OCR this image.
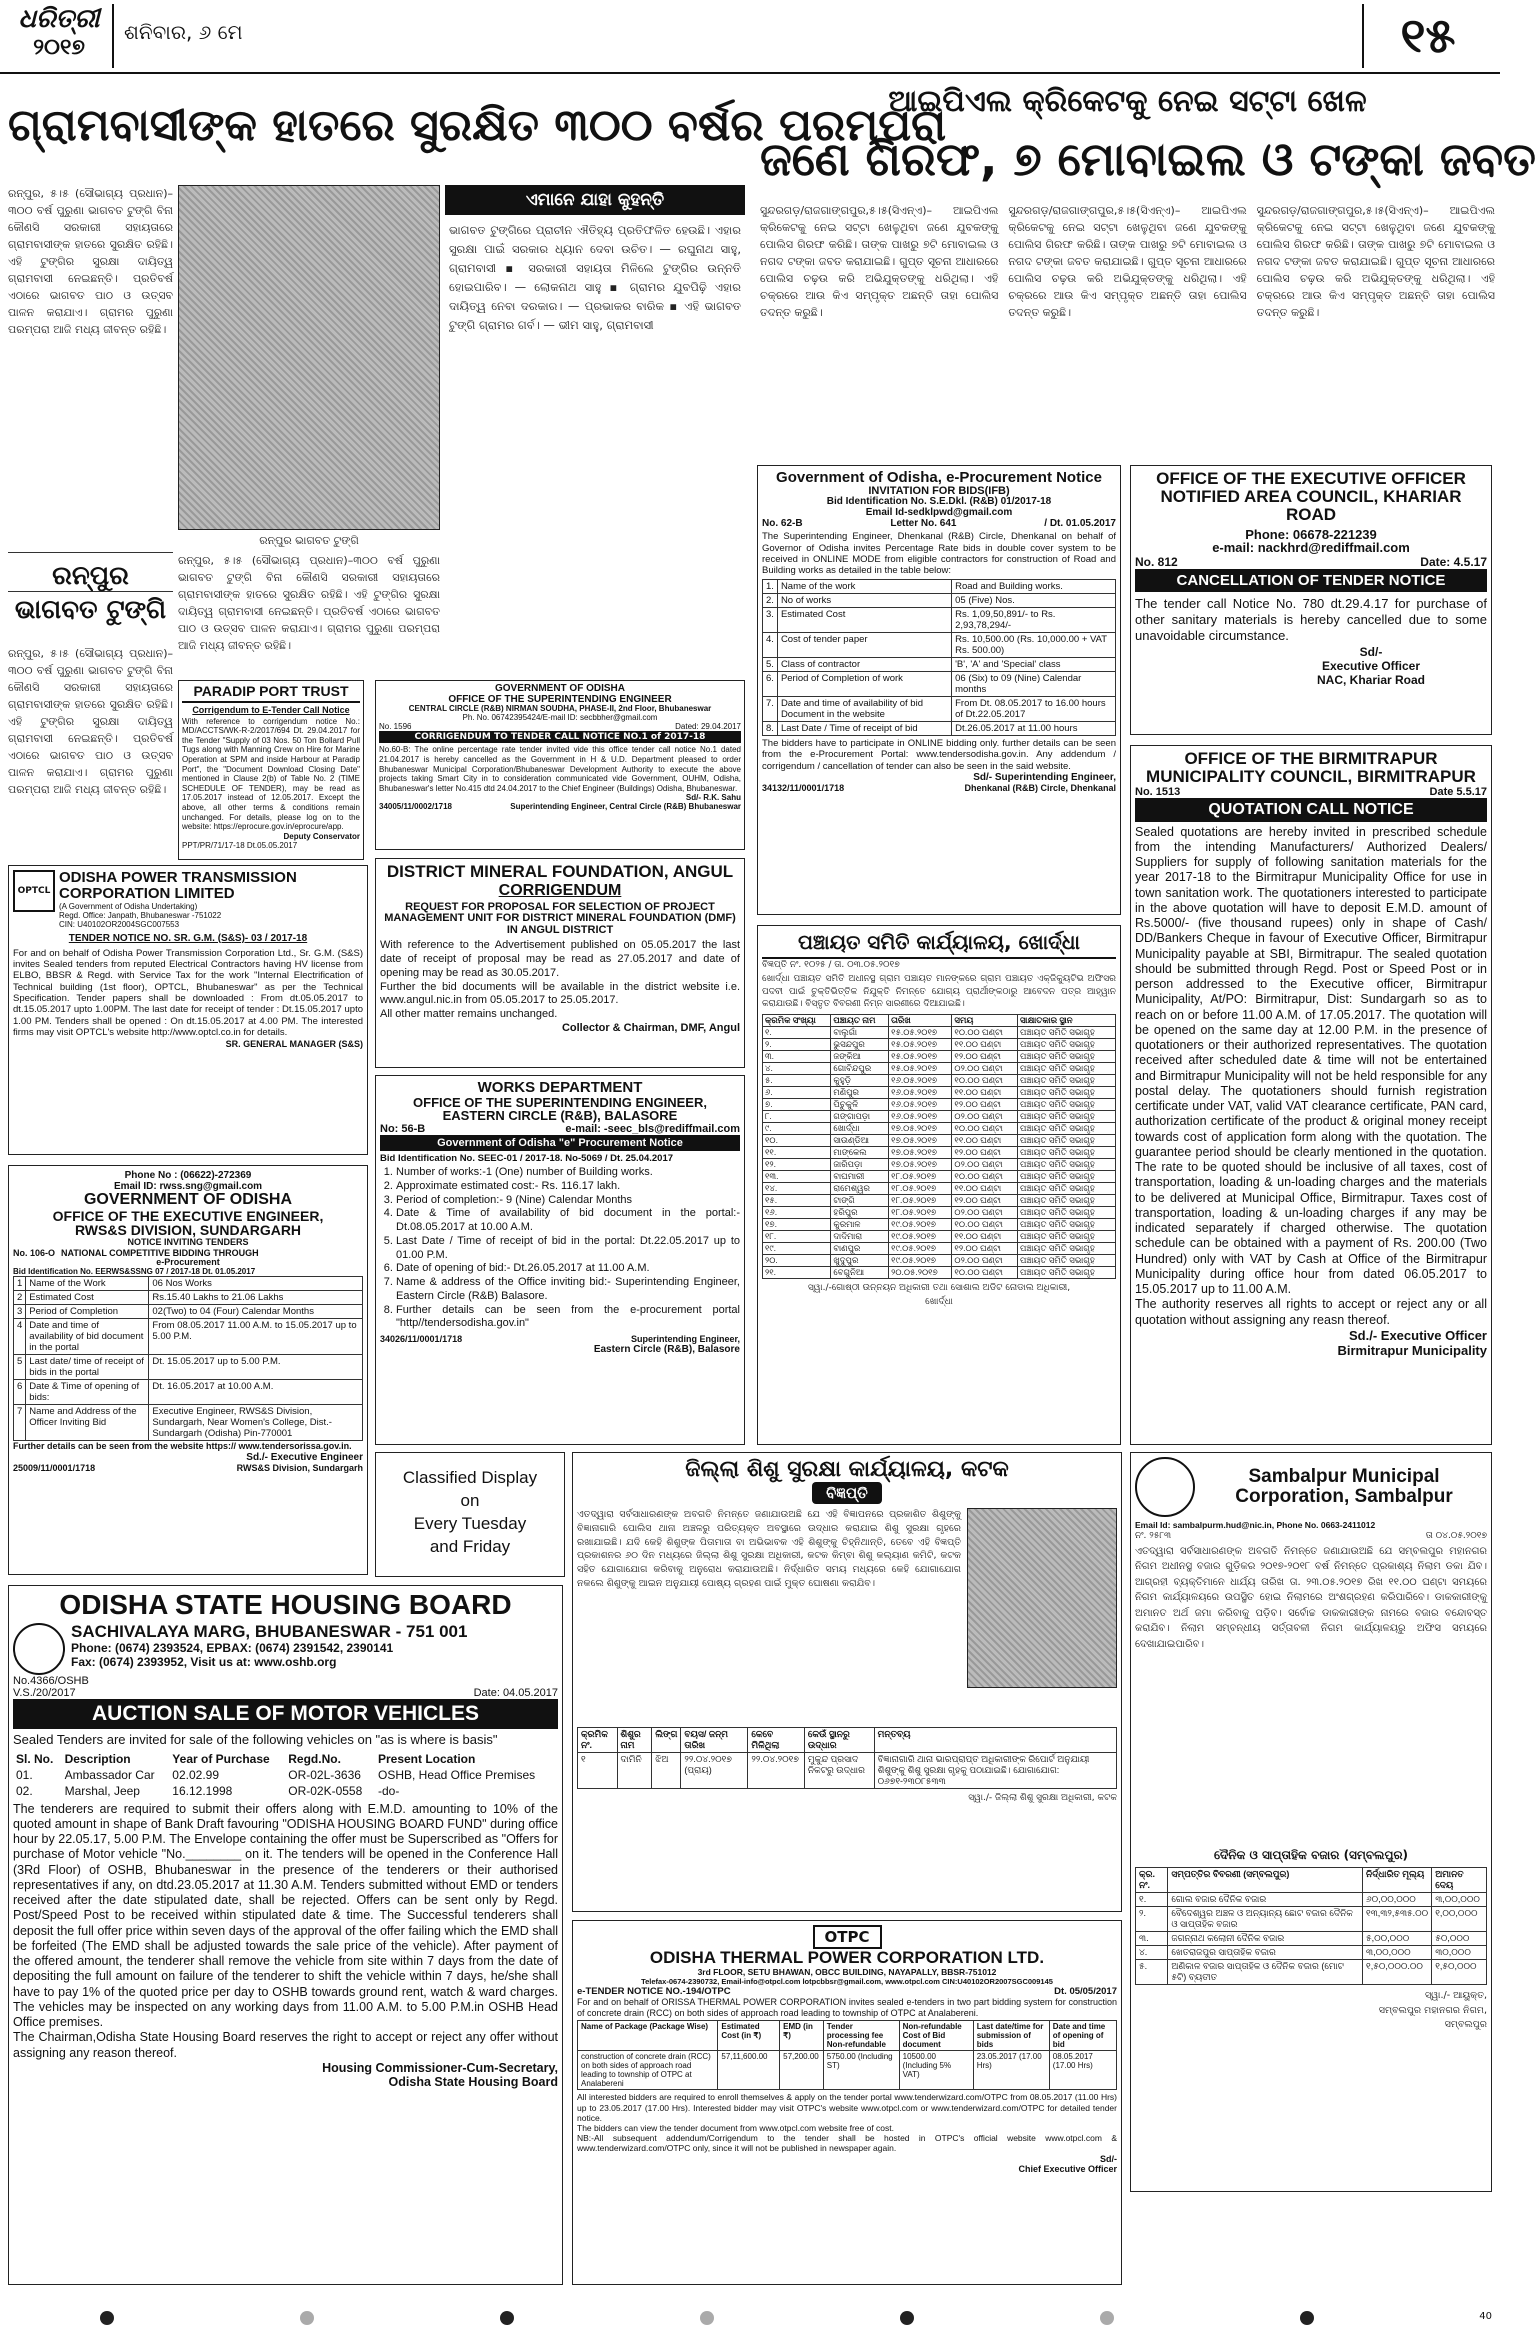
ଧରିତ୍ରୀ
୨୦୧୭
ଶନିବାର, ୬ ମେ	୧୫
ଗ୍ରାମବାସୀଙ୍କ ହାତରେ ସୁରକ୍ଷିତ ୩୦୦ ବର୍ଷର ପରମ୍ପରା
ରନ୍‌ପୁର, ୫।୫ (ସୌଭାଗ୍ୟ ପ୍ରଧାନ)–୩୦୦ ବର୍ଷ ପୁରୁଣା ଭାଗବତ ଟୁଙ୍ଗି ବିନା କୌଣସି ସରକାରୀ ସହାୟତାରେ ଗ୍ରାମବାସୀଙ୍କ ହାତରେ ସୁରକ୍ଷିତ ରହିଛି। ଏହି ଟୁଙ୍ଗିର ସୁରକ୍ଷା ଦାୟିତ୍ୱ ଗ୍ରାମବାସୀ ନେଇଛନ୍ତି। ପ୍ରତିବର୍ଷ ଏଠାରେ ଭାଗବତ ପାଠ ଓ ଉତ୍ସବ ପାଳନ କରାଯାଏ। ଗ୍ରାମର ପୁରୁଣା ପରମ୍ପରା ଆଜି ମଧ୍ୟ ଜୀବନ୍ତ ରହିଛି।
ରନ୍‌ପୁର ଭାଗବତ ଟୁଙ୍ଗି
ଏମାନେ ଯାହା କୁହନ୍ତି
ଭାଗବତ ଟୁଙ୍ଗିରେ ପ୍ରାଚୀନ ଐତିହ୍ୟ ପ୍ରତିଫଳିତ ହେଉଛି। ଏହାର ସୁରକ୍ଷା ପାଇଁ ସରକାର ଧ୍ୟାନ ଦେବା ଉଚିତ। — ରଘୁନାଥ ସାହୁ, ଗ୍ରାମବାସୀ ▪ ସରକାରୀ ସହାୟତା ମିଳିଲେ ଟୁଙ୍ଗିର ଉନ୍ନତି ହୋଇପାରିବ। — ଲୋକନାଥ ସାହୁ ▪ ଗ୍ରାମର ଯୁବପିଢ଼ି ଏହାର ଦାୟିତ୍ୱ ନେବା ଦରକାର। — ପ୍ରଭାକର ବାରିକ ▪ ଏହି ଭାଗବତ ଟୁଙ୍ଗି ଗ୍ରାମର ଗର୍ବ। — ଭୀମ ସାହୁ, ଗ୍ରାମବାସୀ
ରନ୍‌ପୁର, ୫।୫ (ସୌଭାଗ୍ୟ ପ୍ରଧାନ)–୩୦୦ ବର୍ଷ ପୁରୁଣା ଭାଗବତ ଟୁଙ୍ଗି ବିନା କୌଣସି ସରକାରୀ ସହାୟତାରେ ଗ୍ରାମବାସୀଙ୍କ ହାତରେ ସୁରକ୍ଷିତ ରହିଛି। ଏହି ଟୁଙ୍ଗିର ସୁରକ୍ଷା ଦାୟିତ୍ୱ ଗ୍ରାମବାସୀ ନେଇଛନ୍ତି। ପ୍ରତିବର୍ଷ ଏଠାରେ ଭାଗବତ ପାଠ ଓ ଉତ୍ସବ ପାଳନ କରାଯାଏ। ଗ୍ରାମର ପୁରୁଣା ପରମ୍ପରା ଆଜି ମଧ୍ୟ ଜୀବନ୍ତ ରହିଛି।
ରନ୍‌ପୁର ଭାଗବତ ଟୁଙ୍ଗି
ରନ୍‌ପୁର, ୫।୫ (ସୌଭାଗ୍ୟ ପ୍ରଧାନ)–୩୦୦ ବର୍ଷ ପୁରୁଣା ଭାଗବତ ଟୁଙ୍ଗି ବିନା କୌଣସି ସରକାରୀ ସହାୟତାରେ ଗ୍ରାମବାସୀଙ୍କ ହାତରେ ସୁରକ୍ଷିତ ରହିଛି। ଏହି ଟୁଙ୍ଗିର ସୁରକ୍ଷା ଦାୟିତ୍ୱ ଗ୍ରାମବାସୀ ନେଇଛନ୍ତି। ପ୍ରତିବର୍ଷ ଏଠାରେ ଭାଗବତ ପାଠ ଓ ଉତ୍ସବ ପାଳନ କରାଯାଏ। ଗ୍ରାମର ପୁରୁଣା ପରମ୍ପରା ଆଜି ମଧ୍ୟ ଜୀବନ୍ତ ରହିଛି।
ଆଇପିଏଲ କ୍ରିକେଟକୁ ନେଇ ସଟ୍ଟା ଖେଳ
ଜଣେ ଗିରଫ, ୭ ମୋବାଇଲ ଓ ଟଙ୍କା ଜବତ
ସୁନ୍ଦରଗଡ଼/ରାଜଗାଙ୍ଗପୁର,୫।୫(ସିଏନ୍‌ଏ)– ଆଇପିଏଲ କ୍ରିକେଟକୁ ନେଇ ସଟ୍ଟା ଖେଳୁଥିବା ଜଣେ ଯୁବକଙ୍କୁ ପୋଲିସ ଗିରଫ କରିଛି। ତାଙ୍କ ପାଖରୁ ୭ଟି ମୋବାଇଲ ଓ ନଗଦ ଟଙ୍କା ଜବତ କରାଯାଇଛି। ଗୁପ୍ତ ସୂଚନା ଆଧାରରେ ପୋଲିସ ଚଢ଼ଉ କରି ଅଭିଯୁକ୍ତଙ୍କୁ ଧରିଥିଲା। ଏହି ଚକ୍ରରେ ଆଉ କିଏ ସମ୍ପୃକ୍ତ ଅଛନ୍ତି ତାହା ପୋଲିସ ତଦନ୍ତ କରୁଛି।
ସୁନ୍ଦରଗଡ଼/ରାଜଗାଙ୍ଗପୁର,୫।୫(ସିଏନ୍‌ଏ)– ଆଇପିଏଲ କ୍ରିକେଟକୁ ନେଇ ସଟ୍ଟା ଖେଳୁଥିବା ଜଣେ ଯୁବକଙ୍କୁ ପୋଲିସ ଗିରଫ କରିଛି। ତାଙ୍କ ପାଖରୁ ୭ଟି ମୋବାଇଲ ଓ ନଗଦ ଟଙ୍କା ଜବତ କରାଯାଇଛି। ଗୁପ୍ତ ସୂଚନା ଆଧାରରେ ପୋଲିସ ଚଢ଼ଉ କରି ଅଭିଯୁକ୍ତଙ୍କୁ ଧରିଥିଲା। ଏହି ଚକ୍ରରେ ଆଉ କିଏ ସମ୍ପୃକ୍ତ ଅଛନ୍ତି ତାହା ପୋଲିସ ତଦନ୍ତ କରୁଛି।
ସୁନ୍ଦରଗଡ଼/ରାଜଗାଙ୍ଗପୁର,୫।୫(ସିଏନ୍‌ଏ)– ଆଇପିଏଲ କ୍ରିକେଟକୁ ନେଇ ସଟ୍ଟା ଖେଳୁଥିବା ଜଣେ ଯୁବକଙ୍କୁ ପୋଲିସ ଗିରଫ କରିଛି। ତାଙ୍କ ପାଖରୁ ୭ଟି ମୋବାଇଲ ଓ ନଗଦ ଟଙ୍କା ଜବତ କରାଯାଇଛି। ଗୁପ୍ତ ସୂଚନା ଆଧାରରେ ପୋଲିସ ଚଢ଼ଉ କରି ଅଭିଯୁକ୍ତଙ୍କୁ ଧରିଥିଲା। ଏହି ଚକ୍ରରେ ଆଉ କିଏ ସମ୍ପୃକ୍ତ ଅଛନ୍ତି ତାହା ପୋଲିସ ତଦନ୍ତ କରୁଛି।
PARADIP PORT TRUST
Corrigendum to E-Tender Call Notice
With reference to corrigendum notice No.: MD/ACCTS/WK-R-2/2017/694 Dt. 29.04.2017 for the Tender "Supply of 03 Nos. 50 Ton Bollard Pull Tugs along with Manning Crew on Hire for Marine Operation at SPM and inside Harbour at Paradip Port", the "Document Download Closing Date" mentioned in Clause 2(b) of Table No. 2 (TIME SCHEDULE OF TENDER), may be read as 17.05.2017 instead of 12.05.2017. Except the above, all other terms & conditions remain unchanged. For details, please log on to the website: https://eprocure.gov.in/eprocure/app.
Deputy Conservator
PPT/PR/71/17-18 Dt.05.05.2017
GOVERNMENT OF ODISHA
OFFICE OF THE SUPERINTENDING ENGINEER
CENTRAL CIRCLE (R&B) NIRMAN SOUDHA, PHASE-II, 2nd Floor, Bhubaneswar
Ph. No. 06742395424/E-mail ID: secbbher@gmail.com
No. 1596	Dated: 29.04.2017
CORRIGENDUM TO TENDER CALL NOTICE NO.1 of 2017-18
No.60-B: The online percentage rate tender invited vide this office tender call notice No.1 dated 21.04.2017 is hereby cancelled as the Government in H & U.D. Department pleased to order Bhubaneswar Municipal Corporation/Bhubaneswar Development Authority to execute the above projects taking Smart City in to consideration communicated vide Government, OUHM, Odisha, Bhubaneswar's letter No.415 dtd 24.04.2017 to the Chief Engineer (Buildings) Odisha, Bhubaneswar.
Sd/- R.K. Sahu
34005/11/0002/1718	Superintending Engineer, Central Circle (R&B) Bhubaneswar
DISTRICT MINERAL FOUNDATION, ANGUL
CORRIGENDUM
REQUEST FOR PROPOSAL FOR SELECTION OF PROJECT MANAGEMENT UNIT FOR DISTRICT MINERAL FOUNDATION (DMF) IN ANGUL DISTRICT
With reference to the Advertisement published on 05.05.2017 the last date of receipt of proposal may be read as 27.05.2017 and date of opening may be read as 30.05.2017.
Further the bid documents will be available in the district website i.e. www.angul.nic.in from 05.05.2017 to 25.05.2017.
All other matter remains unchanged.
Collector & Chairman, DMF, Angul
OPTCL
ODISHA POWER TRANSMISSION
CORPORATION LIMITED
(A Government of Odisha Undertaking)
Regd. Office: Janpath, Bhubaneswar -751022
CIN: U40102OR2004SGC007553
TENDER NOTICE NO. SR. G.M. (S&S)- 03 / 2017-18
For and on behalf of Odisha Power Transmission Corporation Ltd., Sr. G.M. (S&S) invites Sealed tenders from reputed Electrical Contractors having HV license from ELBO, BBSR & Regd. with Service Tax for the work "Internal Electrification of Technical building (1st floor), OPTCL, Bhubaneswar" as per the Technical Specification. Tender papers shall be downloaded : From dt.05.05.2017 to dt.15.05.2017 upto 1.00PM. The last date for receipt of tender : Dt.15.05.2017 upto 1.00 PM. Tenders shall be opened : On dt.15.05.2017 at 4.00 PM. The interested firms may visit OPTCL's website http://www.optcl.co.in for details.
SR. GENERAL MANAGER (S&S)
Government of Odisha, e-Procurement Notice
INVITATION FOR BIDS(IFB)
Bid Identification No. S.E.Dkl. (R&B) 01/2017-18
Email Id-sedklpwd@gmail.com
No. 62-B	Letter No. 641	/ Dt. 01.05.2017
The Superintending Engineer, Dhenkanal (R&B) Circle, Dhenkanal on behalf of Governor of Odisha invites Percentage Rate bids in double cover system to be received in ONLINE MODE from eligible contractors for construction of Road and Building works as detailed in the table below:
1.	Name of the work	Road and Building works.
2.	No of works	05 (Five) Nos.
3.	Estimated Cost	Rs. 1,09,50,891/- to Rs. 2,93,78,294/-
4.	Cost of tender paper	Rs. 10,500.00 (Rs. 10,000.00 + VAT Rs. 500.00)
5.	Class of contractor	'B', 'A' and 'Special' class
6.	Period of Completion of work	06 (Six) to 09 (Nine) Calendar months
7.	Date and time of availability of bid Document in the website	From Dt. 08.05.2017 to 16.00 hours of Dt.22.05.2017
8.	Last Date / Time of receipt of bid	Dt.26.05.2017 at 11.00 hours
The bidders have to participate in ONLINE bidding only. further details can be seen from the e-Procurement Portal: www.tendersodisha.gov.in. Any addendum / corrigendum / cancellation of tender can also be seen in the said website.
Sd/- Superintending Engineer,
34132/11/0001/1718	Dhenkanal (R&B) Circle, Dhenkanal
OFFICE OF THE EXECUTIVE OFFICER
NOTIFIED AREA COUNCIL, KHARIAR ROAD
Phone: 06678-221239
e-mail: nackhrd@rediffmail.com
No. 812	Date: 4.5.17
CANCELLATION OF TENDER NOTICE
The tender call Notice No. 780 dt.29.4.17 for purchase of other sanitary materials is hereby cancelled due to some unavoidable circumstance.
Sd/-
Executive Officer
NAC, Khariar Road
ପଞ୍ଚାୟତ ସମିତି କାର୍ଯ୍ୟାଳୟ, ଖୋର୍ଦ୍ଧା
ବିଜ୍ଞପ୍ତି ନଂ. ୧୦୨୫ / ତା. ୦୩.୦୫.୨୦୧୭
ଖୋର୍ଦ୍ଧା ପଞ୍ଚାୟତ ସମିତି ଅଧୀନସ୍ଥ ଗ୍ରାମ ପଞ୍ଚାୟତ ମାନଙ୍କରେ ଗ୍ରାମ ପଞ୍ଚାୟତ ଏକ୍‌ଜିକ୍ୟୁଟିଭ ଅଫିସର ପଦବୀ ପାଇଁ ଚୁକ୍ତିଭିତ୍ତିକ ନିଯୁକ୍ତି ନିମନ୍ତେ ଯୋଗ୍ୟ ପ୍ରାର୍ଥୀଙ୍କଠାରୁ ଆବେଦନ ପତ୍ର ଆହ୍ୱାନ କରାଯାଉଛି। ବିସ୍ତୃତ ବିବରଣୀ ନିମ୍ନ ସାରଣୀରେ ଦିଆଯାଇଛି।
କ୍ରମିକ ସଂଖ୍ୟା	ପଞ୍ଚାୟତ ନାମ	ତାରିଖ	ସମୟ	ସାକ୍ଷାତକାର ସ୍ଥାନ
୧.	ବାଲୁଗାଁ	୧୫.୦୫.୨୦୧୭	୧୦.୦୦ ଘଣ୍ଟା	ପଞ୍ଚାୟତ ସମିତି ସଭାଗୃହ
୨.	ଭୁସନ୍ଦପୁର	୧୫.୦୫.୨୦୧୭	୧୧.୦୦ ଘଣ୍ଟା	ପଞ୍ଚାୟତ ସମିତି ସଭାଗୃହ
୩.	ଜଙ୍କିଆ	୧୫.୦୫.୨୦୧୭	୧୨.୦୦ ଘଣ୍ଟା	ପଞ୍ଚାୟତ ସମିତି ସଭାଗୃହ
୪.	ଗୋବିନ୍ଦପୁର	୧୫.୦୫.୨୦୧୭	୦୨.୦୦ ଘଣ୍ଟା	ପଞ୍ଚାୟତ ସମିତି ସଭାଗୃହ
୫.	କୁହୁଡ଼ି	୧୬.୦୫.୨୦୧୭	୧୦.୦୦ ଘଣ୍ଟା	ପଞ୍ଚାୟତ ସମିତି ସଭାଗୃହ
୬.	ମଣିପୁର	୧୬.୦୫.୨୦୧୭	୧୧.୦୦ ଘଣ୍ଟା	ପଞ୍ଚାୟତ ସମିତି ସଭାଗୃହ
୭.	ପିଚୁକୁଳି	୧୬.୦୫.୨୦୧୭	୧୨.୦୦ ଘଣ୍ଟା	ପଞ୍ଚାୟତ ସମିତି ସଭାଗୃହ
୮.	ଗଙ୍ଗାପଡ଼ା	୧୬.୦୫.୨୦୧୭	୦୨.୦୦ ଘଣ୍ଟା	ପଞ୍ଚାୟତ ସମିତି ସଭାଗୃହ
୯.	ଖୋର୍ଦ୍ଧା	୧୭.୦୫.୨୦୧୭	୧୦.୦୦ ଘଣ୍ଟା	ପଞ୍ଚାୟତ ସମିତି ସଭାଗୃହ
୧୦.	ସାଉଣ୍ଡିଆ	୧୭.୦୫.୨୦୧୭	୧୧.୦୦ ଘଣ୍ଟା	ପଞ୍ଚାୟତ ସମିତି ସଭାଗୃହ
୧୧.	ମାଙ୍କେଲ	୧୭.୦୫.୨୦୧୭	୧୨.୦୦ ଘଣ୍ଟା	ପଞ୍ଚାୟତ ସମିତି ସଭାଗୃହ
୧୨.	ଜାରିପଡ଼ା	୧୭.୦୫.୨୦୧୭	୦୨.୦୦ ଘଣ୍ଟା	ପଞ୍ଚାୟତ ସମିତି ସଭାଗୃହ
୧୩.	ବାଘମାରୀ	୧୮.୦୫.୨୦୧୭	୧୦.୦୦ ଘଣ୍ଟା	ପଞ୍ଚାୟତ ସମିତି ସଭାଗୃହ
୧୪.	ରାମେଶ୍ୱର	୧୮.୦୫.୨୦୧୭	୧୧.୦୦ ଘଣ୍ଟା	ପଞ୍ଚାୟତ ସମିତି ସଭାଗୃହ
୧୫.	ଟାଙ୍ଗି	୧୮.୦୫.୨୦୧୭	୧୨.୦୦ ଘଣ୍ଟା	ପଞ୍ଚାୟତ ସମିତି ସଭାଗୃହ
୧୬.	ହରିପୁର	୧୮.୦୫.୨୦୧୭	୦୨.୦୦ ଘଣ୍ଟା	ପଞ୍ଚାୟତ ସମିତି ସଭାଗୃହ
୧୭.	କୁରମାଳ	୧୯.୦୫.୨୦୧୭	୧୦.୦୦ ଘଣ୍ଟା	ପଞ୍ଚାୟତ ସମିତି ସଭାଗୃହ
୧୮.	ଦାଦିମାରା	୧୯.୦୫.୨୦୧୭	୧୧.୦୦ ଘଣ୍ଟା	ପଞ୍ଚାୟତ ସମିତି ସଭାଗୃହ
୧୯.	ବାଣପୁର	୧୯.୦୫.୨୦୧୭	୧୨.୦୦ ଘଣ୍ଟା	ପଞ୍ଚାୟତ ସମିତି ସଭାଗୃହ
୨୦.	ଖୁଦୁପୁର	୧୯.୦୫.୨୦୧୭	୦୨.୦୦ ଘଣ୍ଟା	ପଞ୍ଚାୟତ ସମିତି ସଭାଗୃହ
୨୧.	ବେଗୁନିଆ	୨୦.୦୫.୨୦୧୭	୧୦.୦୦ ଘଣ୍ଟା	ପଞ୍ଚାୟତ ସମିତି ସଭାଗୃହ
ସ୍ୱା./-ଗୋଷ୍ଠୀ ଉନ୍ନୟନ ଅଧିକାରୀ ତଥା ସୋଶାଲ ଅଡିଟ ନୋଡାଲ ଅଧିକାରୀ,
ଖୋର୍ଦ୍ଧା
OFFICE OF THE BIRMITRAPUR
MUNICIPALITY COUNCIL, BIRMITRAPUR
No. 1513	Date 5.5.17
QUOTATION CALL NOTICE
Sealed quotations are hereby invited in prescribed schedule from the intending Manufacturers/ Authorized Dealers/ Suppliers for supply of following sanitation materials for the year 2017-18 to the Birmitrapur Municipality Office for use in town sanitation work. The quotationers interested to participate in the above quotation will have to deposit E.M.D. amount of Rs.5000/- (five thousand rupees) only in shape of Cash/ DD/Bankers Cheque in favour of Executive Officer, Birmitrapur Municipality payable at SBI, Birmitrapur. The sealed quotation should be submitted through Regd. Post or Speed Post or in person addressed to the Executive officer, Birmitrapur Municipality, At/PO: Birmitrapur, Dist: Sundargarh so as to reach on or before 11.00 A.M. of 17.05.2017. The quotation will be opened on the same day at 12.00 P.M. in the presence of quotationers or their authorized representatives. The quotation received after scheduled date & time will not be entertained and Birmitrapur Municipality will not be held responsible for any postal delay. The quotationers should furnish registration certificate under VAT, valid VAT clearance certificate, PAN card, authorization certificate of the product & original money receipt towards cost of application form along with the quotation. The guarantee period should be clearly mentioned in the quotation. The rate to be quoted should be inclusive of all taxes, cost of transportation, loading & un-loading charges and the materials to be delivered at Municipal Office, Birmitrapur. Taxes cost of transportation, loading & un-loading charges if any may be indicated separately if charged otherwise. The quotation schedule can be obtained with a payment of Rs. 200.00 (Two Hundred) only with VAT by Cash at Office of the Birmitrapur Municipality during office hour from dated 06.05.2017 to 15.05.2017 up to 11.00 A.M.
The authority reserves all rights to accept or reject any or all quotation without assigning any reasn thereof.
Sd./- Executive Officer
Birmitrapur Municipality
WORKS DEPARTMENT
OFFICE OF THE SUPERINTENDING ENGINEER,
EASTERN CIRCLE (R&B), BALASORE
No: 56-B	e-mail: -seec_bls@rediffmail.com
Government of Odisha "e" Procurement Notice
Bid Identification No. SEEC-01 / 2017-18. No-5069 / Dt. 25.04.2017
1. Number of works:-1 (One) number of Building works.
2. Approximate estimated cost:- Rs. 116.17 lakh.
3. Period of completion:- 9 (Nine) Calendar Months
4. Date & Time of availability of bid document in the portal:- Dt.08.05.2017 at 10.00 A.M.
5. Last Date / Time of receipt of bid in the portal: Dt.22.05.2017 up to 01.00 P.M.
6. Date of opening of bid:- Dt.26.05.2017 at 11.00 A.M.
7. Name & address of the Office inviting bid:- Superintending Engineer, Eastern Circle (R&B) Balasore.
8. Further details can be seen from the e-procurement portal "http//tendersodisha.gov.in"
34026/11/0001/1718	Superintending Engineer,
Eastern Circle (R&B), Balasore
Phone No : (06622)-272369
Email ID: rwss.sng@gmail.com
GOVERNMENT OF ODISHA
OFFICE OF THE EXECUTIVE ENGINEER,
RWS&S DIVISION, SUNDARGARH
NOTICE INVITING TENDERS
No. 106-O NATIONAL COMPETITIVE BIDDING THROUGH
e-Procurement
Bid Identification No. EERWS&SSNG 07 / 2017-18 Dt. 01.05.2017
1	Name of the Work	06 Nos Works
2	Estimated Cost	Rs.15.40 Lakhs to 21.06 Lakhs
3	Period of Completion	02(Two) to 04 (Four) Calendar Months
4	Date and time of availability of bid document in the portal	From 08.05.2017 11.00 A.M. to 15.05.2017 up to 5.00 P.M.
5	Last date/ time of receipt of bids in the portal	Dt. 15.05.2017 up to 5.00 P.M.
6	Date & Time of opening of bids:	Dt. 16.05.2017 at 10.00 A.M.
7	Name and Address of the Officer Inviting Bid	Executive Engineer, RWS&S Division, Sundargarh, Near Women's College, Dist.- Sundargarh (Odisha) Pin-770001
Further details can be seen from the website https:// www.tendersorissa.gov.in.
Sd./- Executive Engineer
25009/11/0001/1718	RWS&S Division, Sundargarh	Classified Display
on
Every Tuesday
and Friday
ଜିଲ୍ଲା ଶିଶୁ ସୁରକ୍ଷା କାର୍ଯ୍ୟାଳୟ, କଟକ
ବିଜ୍ଞପ୍ତି
ଏତଦ୍ୱାରା ସର୍ବସାଧାରଣଙ୍କ ଅବଗତି ନିମନ୍ତେ ଜଣାଯାଉଅଛି ଯେ ଏହି ବିଜ୍ଞାପନରେ ପ୍ରକାଶିତ ଶିଶୁଙ୍କୁ ବିଜ୍ଞାନାଗାରି ପୋଲିସ ଥାନା ଅଞ୍ଚଳରୁ ପରିତ୍ୟକ୍ତ ଅବସ୍ଥାରେ ଉଦ୍ଧାର କରାଯାଇ ଶିଶୁ ସୁରକ୍ଷା ଗୃହରେ ରଖାଯାଇଛି। ଯଦି କେହି ଶିଶୁଙ୍କ ପିତାମାତା ବା ଅଭିଭାବକ ଏହି ଶିଶୁଙ୍କୁ ଚିହ୍ନିଥାନ୍ତି, ତେବେ ଏହି ବିଜ୍ଞପ୍ତି ପ୍ରକାଶନର ୬୦ ଦିନ ମଧ୍ୟରେ ଜିଲ୍ଲା ଶିଶୁ ସୁରକ୍ଷା ଅଧିକାରୀ, କଟକ କିମ୍ବା ଶିଶୁ କଲ୍ୟାଣ କମିଟି, କଟକ ସହିତ ଯୋଗାଯୋଗ କରିବାକୁ ଅନୁରୋଧ କରାଯାଉଅଛି। ନିର୍ଦ୍ଧାରିତ ସମୟ ମଧ୍ୟରେ କେହି ଯୋଗାଯୋଗ ନକଲେ ଶିଶୁଙ୍କୁ ଆଇନ ଅନୁଯାୟୀ ପୋଷ୍ୟ ଗ୍ରହଣ ପାଇଁ ମୁକ୍ତ ଘୋଷଣା କରାଯିବ।
କ୍ରମିକ ନଂ.	ଶିଶୁର ନାମ	ଲିଙ୍ଗ	ବୟସ/ ଜନ୍ମ ତାରିଖ	କେବେ ମିଳିଥିଲା	କେଉଁ ସ୍ଥାନରୁ ଉଦ୍ଧାର	ମନ୍ତବ୍ୟ
୧	ଦାମିନି	ଝିଅ	୨୨.୦୪.୨୦୧୭ (ପ୍ରାୟ)	୨୨.୦୪.୨୦୧୭	ମୁକୁନ୍ଦ ପ୍ରସାଦ ନିକଟରୁ ଉଦ୍ଧାର	ବିଜ୍ଞାନାଗାରି ଥାନା ଭାରପ୍ରାପ୍ତ ଅଧିକାରୀଙ୍କ ରିପୋର୍ଟ ଅନୁଯାୟୀ ଶିଶୁଙ୍କୁ ଶିଶୁ ସୁରକ୍ଷା ଗୃହକୁ ପଠାଯାଇଛି। ଯୋଗାଯୋଗ: ୦୬୭୧-୨୩୦୮୫୩୩
ସ୍ୱା./- ଜିଲ୍ଲା ଶିଶୁ ସୁରକ୍ଷା ଅଧିକାରୀ, କଟକ
Sambalpur Municipal
Corporation, Sambalpur
Email Id: sambalpurm.hud@nic.in, Phone No. 0663-2411012
ନଂ. ୨୫୮୩	ତା ୦୪.୦୫.୨୦୧୭
ଏତଦ୍ୱାରା ସର୍ବସାଧାରଣଙ୍କ ଅବଗତି ନିମନ୍ତେ ଜଣାଯାଉଅଛି ଯେ ସମ୍ବଲପୁର ମହାନଗର ନିଗମ ଅଧୀନସ୍ଥ ବଜାର ଗୁଡ଼ିକର ୨୦୧୭-୨୦୧୮ ବର୍ଷ ନିମନ୍ତେ ପ୍ରକାଶ୍ୟ ନିଲାମ ଡକା ଯିବ। ଆଗ୍ରହୀ ବ୍ୟକ୍ତିମାନେ ଧାର୍ଯ୍ୟ ତାରିଖ ତା. ୨୩.୦୫.୨୦୧୭ ରିଖ ୧୧.୦୦ ଘଣ୍ଟା ସମୟରେ ନିଗମ କାର୍ଯ୍ୟାଳୟରେ ଉପସ୍ଥିତ ହୋଇ ନିଲାମରେ ଅଂଶଗ୍ରହଣ କରିପାରିବେ। ଡାକକାରୀଙ୍କୁ ଅମାନତ ଅର୍ଥ ଜମା କରିବାକୁ ପଡ଼ିବ। ସର୍ବୋଚ୍ଚ ଡାକକାରୀଙ୍କ ନାମରେ ବଜାର ବନ୍ଦୋବସ୍ତ କରାଯିବ। ନିଲାମ ସମ୍ବନ୍ଧୀୟ ସର୍ତ୍ତାବଳୀ ନିଗମ କାର୍ଯ୍ୟାଳୟରୁ ଅଫିସ ସମୟରେ ଦେଖାଯାଇପାରିବ।
ଦୈନିକ ଓ ସାପ୍ତାହିକ ବଜାର (ସମ୍ବଲପୁର)
କ୍ର. ନଂ.	ସମ୍ପତ୍ତିର ବିବରଣୀ (ସମ୍ବଲପୁର)	ନିର୍ଦ୍ଧାରିତ ମୂଲ୍ୟ	ଅମାନତ ଦେୟ
୧.	ଗୋଲ ବଜାର ଦୈନିକ ବଜାର	୬୦,୦୦,୦୦୦	୩,୦୦,୦୦୦
୨.	ବୈଦେଶ୍ୱର ଅଞ୍ଚଳ ଓ ଅନ୍ୟାନ୍ୟ ଛୋଟ ବଜାର ଦୈନିକ ଓ ସାପ୍ତାହିକ ବଜାର	୧୩,୩୨,୫୩୫.୦୦	୧,୦୦,୦୦୦
୩.	ଜଗନ୍ନାଥ କଲୋନୀ ଦୈନିକ ବଜାର	୫,୦୦,୦୦୦	୫୦,୦୦୦
୪.	ଖେତରାଜପୁର ସାପ୍ତାହିକ ବଜାର	୩,୦୦,୦୦୦	୩୦,୦୦୦
୫.	ଅଣିକାଳ ବଜାର ସାପ୍ତାହିକ ଓ ଦୈନିକ ବଜାର (ମୋଟ ୫ଟି) ବ୍ୟତୀତ	୧,୫୦,୦୦୦.୦୦	୧,୫୦,୦୦୦
ସ୍ୱା./- ଆୟୁକ୍ତ,
ସମ୍ବଲପୁର ମହାନଗର ନିଗମ,
ସମ୍ବଲପୁର
ODISHA STATE HOUSING BOARD
SACHIVALAYA MARG, BHUBANESWAR - 751 001
Phone: (0674) 2393524, EPBAX: (0674) 2391542, 2390141
Fax: (0674) 2393952, Visit us at: www.oshb.org
No.4366/OSHB
V.S./20/2017	Date: 04.05.2017
AUCTION SALE OF MOTOR VEHICLES
Sealed Tenders are invited for sale of the following vehicles on "as is where is basis"
Sl. No.	Description	Year of Purchase	Regd.No.	Present Location
01.	Ambassador Car	02.02.99	OR-02L-3636	OSHB, Head Office Premises
02.	Marshal, Jeep	16.12.1998	OR-02K-0558	-do-
The tenderers are required to submit their offers along with E.M.D. amounting to 10% of the quoted amount in shape of Bank Draft favouring "ODISHA HOUSING BOARD FUND" during office hour by 22.05.17, 5.00 P.M. The Envelope containing the offer must be Superscribed as "Offers for purchase of Motor vehicle "No.________ on it. The tenders will be opened in the Conference Hall (3Rd Floor) of OSHB, Bhubaneswar in the presence of the tenderers or their authorised representatives if any, on dtd.23.05.2017 at 11.30 A.M. Tenders submitted without EMD or tenders received after the date stipulated date, shall be rejected. Offers can be sent only by Regd. Post/Speed Post to be received within stipulated date & time. The Successful tenderers shall deposit the full offer price within seven days of the approval of the offer failing which the EMD shall be forfeited (The EMD shall be adjusted towards the sale price of the vehicle). After payment of the offered amount, the tenderer shall remove the vehicle from site within 7 days from the date of depositing the full amount on failure of the tenderer to shift the vehicle within 7 days, he/she shall have to pay 1% of the quoted price per day to OSHB towards ground rent, watch & ward charges. The vehicles may be inspected on any working days from 11.00 A.M. to 5.00 P.M.in OSHB Head Office premises.
The Chairman,Odisha State Housing Board reserves the right to accept or reject any offer without assigning any reason thereof.
Housing Commissioner-Cum-Secretary,
Odisha State Housing Board
OTPC
ODISHA THERMAL POWER CORPORATION LTD.
3rd FLOOR, SETU BHAWAN, OBCC BUILDING, NAYAPALLY, BBSR-751012
Telefax-0674-2390732, Email-info@otpcl.com lotpcbbsr@gmail.com, www.otpcl.com CIN:U40102OR2007SGC009145
e-TENDER NOTICE NO.-194/OTPC	Dt. 05/05/2017
For and on behalf of ORISSA THERMAL POWER CORPORATION invites sealed e-tenders in two part bidding system for construction of concrete drain (RCC) on both sides of approach road leading to township of OTPC at Analabereni.
Name of Package (Package Wise)	Estimated Cost (in ₹)	EMD (in ₹)	Tender processing fee Non-refundable	Non-refundable Cost of Bid document	Last date/time for submission of bids	Date and time of opening of bid
construction of concrete drain (RCC) on both sides of approach road leading to township of OTPC at Analabereni	57,11,600.00	57,200.00	5750.00 (Including ST)	10500.00 (Including 5% VAT)	23.05.2017 (17.00 Hrs)	08.05.2017 (17.00 Hrs)
All interested bidders are required to enroll themselves & apply on the tender portal www.tenderwizard.com/OTPC from 08.05.2017 (11.00 Hrs) up to 23.05.2017 (17.00 Hrs). Interested bidder may visit OTPC's website www.otpcl.com or www.tenderwizard.com/OTPC for detailed tender notice.
The bidders can view the tender document from www.otpcl.com website free of cost.
NB:-All subsequent addendum/Corrigendum to the tender shall be hosted in OTPC's official website www.otpcl.com & www.tenderwizard.com/OTPC only, since it will not be published in newspaper again.
Sd/-
Chief Executive Officer
40
